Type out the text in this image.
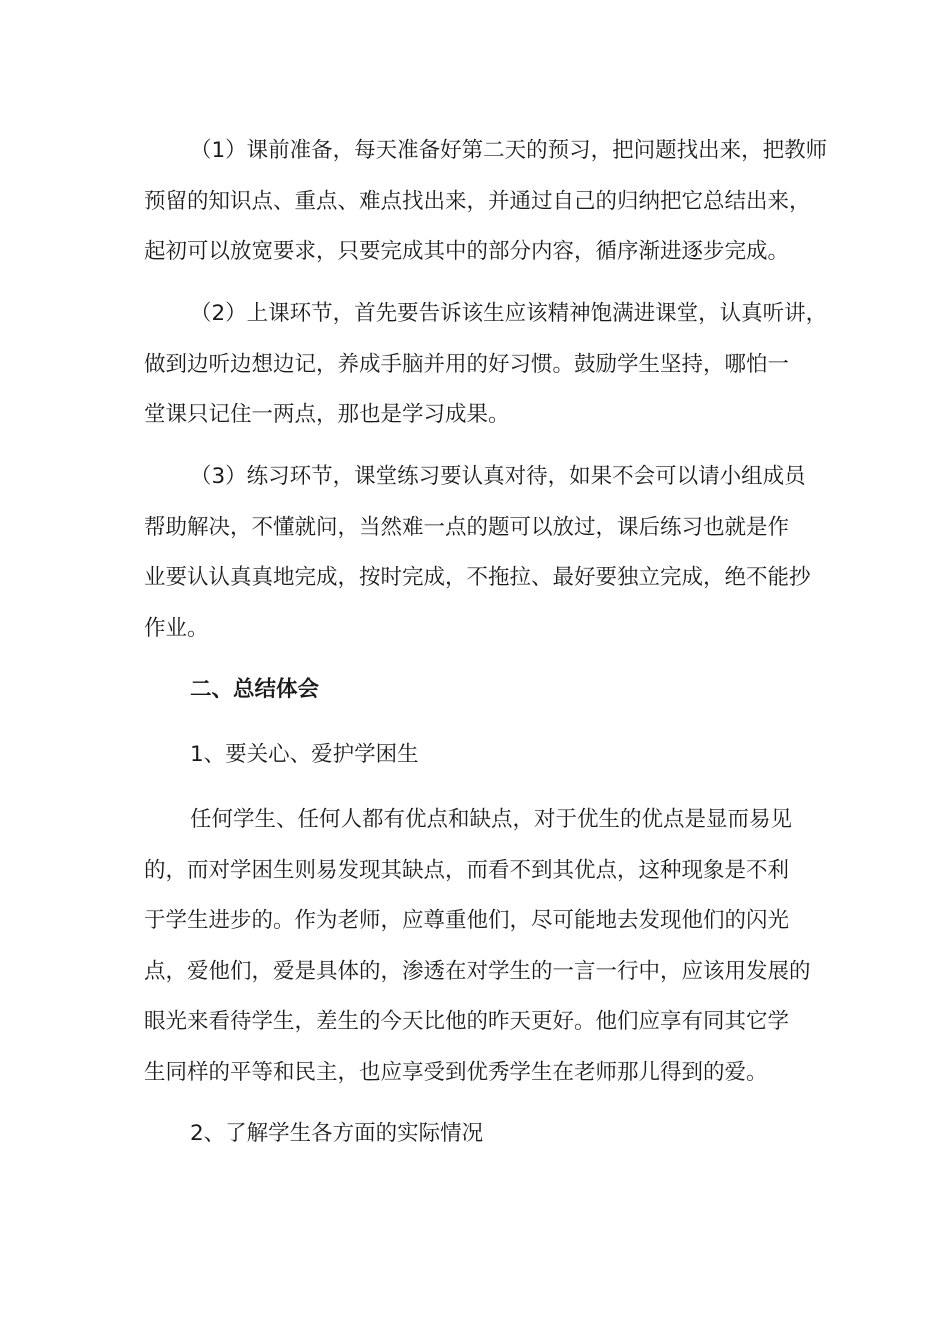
（1）课前准备，每天准备好第二天的预习，把问题找出来，把教师
预留的知识点、重点、难点找出来，并通过自己的归纳把它总结出来，
起初可以放宽要求，只要完成其中的部分内容，循序渐进逐步完成。
（2）上课环节，首先要告诉该生应该精神饱满进课堂，认真听讲，
做到边听边想边记，养成手脑并用的好习惯。鼓励学生坚持，哪怕一
堂课只记住一两点，那也是学习成果。
（3）练习环节，课堂练习要认真对待，如果不会可以请小组成员
帮助解决，不懂就问，当然难一点的题可以放过，课后练习也就是作
业要认认真真地完成，按时完成，不拖拉、最好要独立完成，绝不能抄
作业。
二、总结体会
1、要关心、爱护学困生
任何学生、任何人都有优点和缺点，对于优生的优点是显而易见
的，而对学困生则易发现其缺点，而看不到其优点，这种现象是不利
于学生进步的。作为老师，应尊重他们，尽可能地去发现他们的闪光
点，爱他们，爱是具体的，渗透在对学生的一言一行中，应该用发展的
眼光来看待学生，差生的今天比他的昨天更好。他们应享有同其它学
生同样的平等和民主，也应享受到优秀学生在老师那儿得到的爱。
2、了解学生各方面的实际情况
